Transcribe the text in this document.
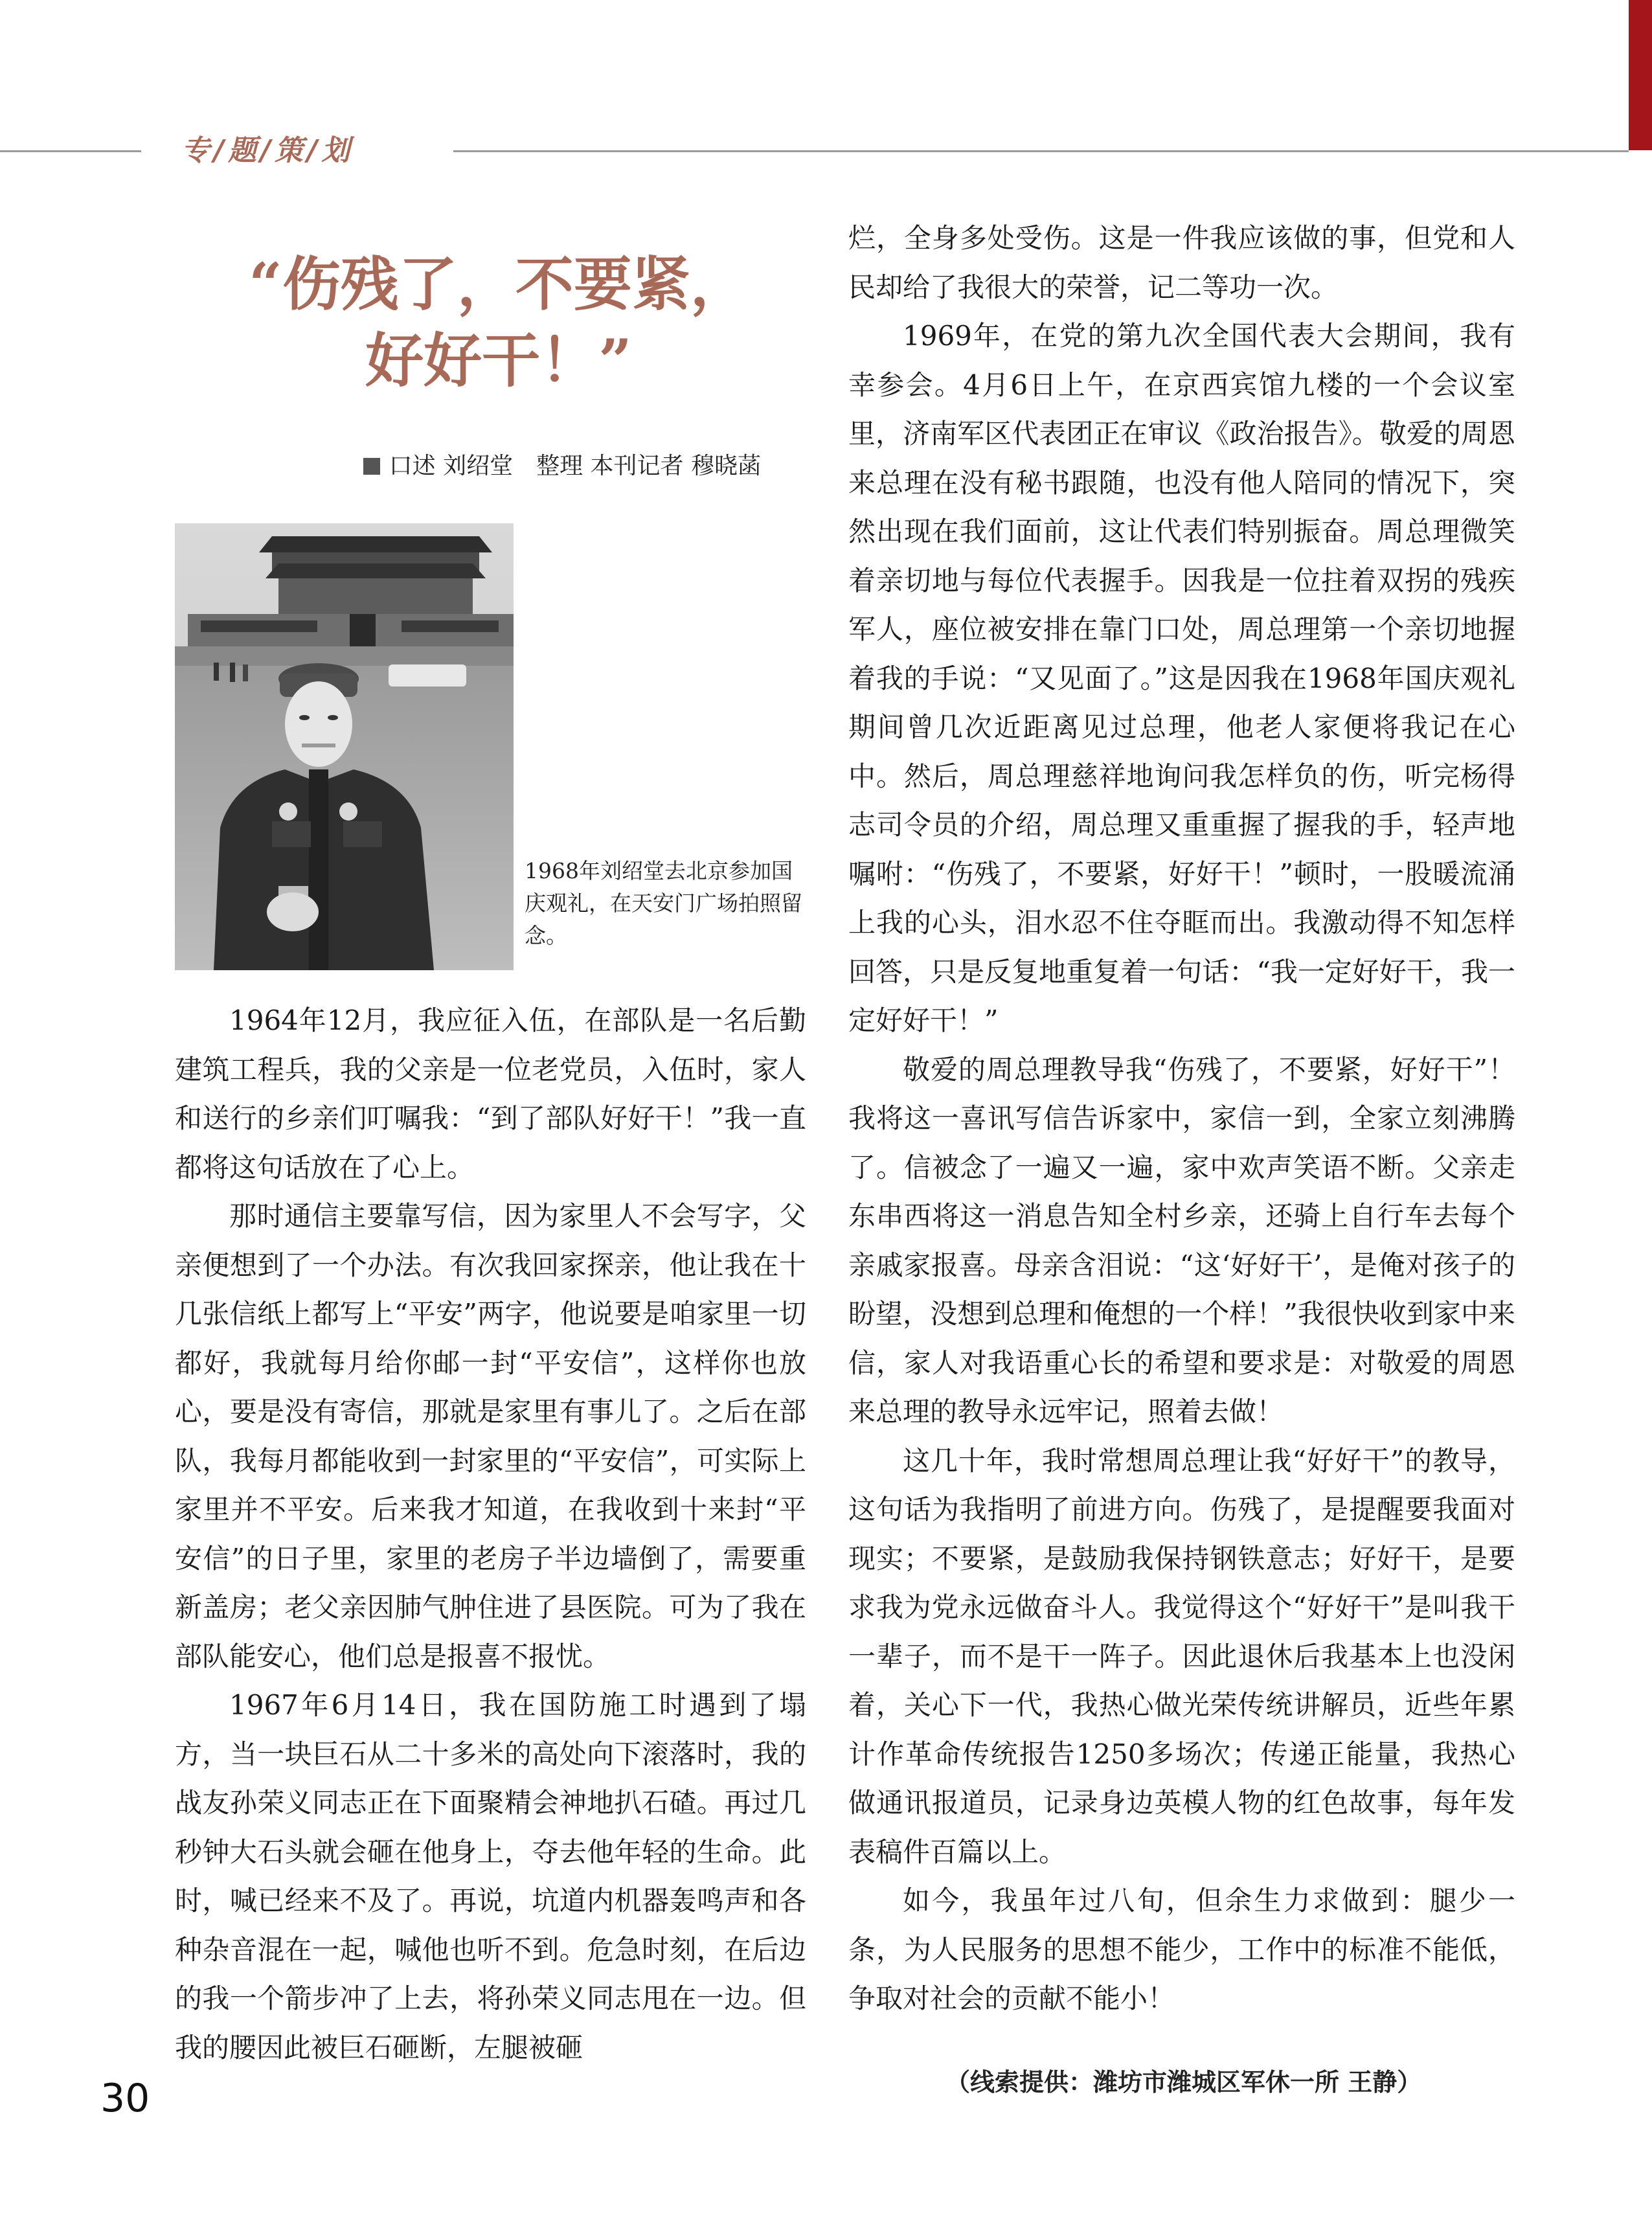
专/题/策/划
“伤残了，不要紧，
好好干！”
口述 刘绍堂　整理 本刊记者 穆晓菡
1968年刘绍堂去北京参加国庆观礼，在天安门广场拍照留念。

1964年12月，我应征入伍，在部队是一名后勤建筑工程兵，我的父亲是一位老党员，入伍时，家人和送行的乡亲们叮嘱我：“到了部队好好干！”我一直都将这句话放在了心上。

那时通信主要靠写信，因为家里人不会写字，父亲便想到了一个办法。有次我回家探亲，他让我在十几张信纸上都写上“平安”两字，他说要是咱家里一切都好，我就每月给你邮一封“平安信”，这样你也放心，要是没有寄信，那就是家里有事儿了。之后在部队，我每月都能收到一封家里的“平安信”，可实际上家里并不平安。后来我才知道，在我收到十来封“平安信”的日子里，家里的老房子半边墙倒了，需要重新盖房；老父亲因肺气肿住进了县医院。可为了我在部队能安心，他们总是报喜不报忧。

1967年6月14日，我在国防施工时遇到了塌方，当一块巨石从二十多米的高处向下滚落时，我的战友孙荣义同志正在下面聚精会神地扒石碴。再过几秒钟大石头就会砸在他身上，夺去他年轻的生命。此时，喊已经来不及了。再说，坑道内机器轰鸣声和各种杂音混在一起，喊他也听不到。危急时刻，在后边的我一个箭步冲了上去，将孙荣义同志甩在一边。但我的腰因此被巨石砸断，左腿被砸

烂，全身多处受伤。这是一件我应该做的事，但党和人民却给了我很大的荣誉，记二等功一次。

1969年，在党的第九次全国代表大会期间，我有幸参会。4月6日上午，在京西宾馆九楼的一个会议室里，济南军区代表团正在审议《政治报告》。敬爱的周恩来总理在没有秘书跟随，也没有他人陪同的情况下，突然出现在我们面前，这让代表们特别振奋。周总理微笑着亲切地与每位代表握手。因我是一位拄着双拐的残疾军人，座位被安排在靠门口处，周总理第一个亲切地握着我的手说：“又见面了。”这是因我在1968年国庆观礼期间曾几次近距离见过总理，他老人家便将我记在心中。然后，周总理慈祥地询问我怎样负的伤，听完杨得志司令员的介绍，周总理又重重握了握我的手，轻声地嘱咐：“伤残了，不要紧，好好干！”顿时，一股暖流涌上我的心头，泪水忍不住夺眶而出。我激动得不知怎样回答，只是反复地重复着一句话：“我一定好好干，我一定好好干！”

敬爱的周总理教导我“伤残了，不要紧，好好干”！我将这一喜讯写信告诉家中，家信一到，全家立刻沸腾了。信被念了一遍又一遍，家中欢声笑语不断。父亲走东串西将这一消息告知全村乡亲，还骑上自行车去每个亲戚家报喜。母亲含泪说：“这‘好好干’，是俺对孩子的盼望，没想到总理和俺想的一个样！”我很快收到家中来信，家人对我语重心长的希望和要求是：对敬爱的周恩来总理的教导永远牢记，照着去做！

这几十年，我时常想周总理让我“好好干”的教导，这句话为我指明了前进方向。伤残了，是提醒要我面对现实；不要紧，是鼓励我保持钢铁意志；好好干，是要求我为党永远做奋斗人。我觉得这个“好好干”是叫我干一辈子，而不是干一阵子。因此退休后我基本上也没闲着，关心下一代，我热心做光荣传统讲解员，近些年累计作革命传统报告1250多场次；传递正能量，我热心做通讯报道员，记录身边英模人物的红色故事，每年发表稿件百篇以上。

如今，我虽年过八旬，但余生力求做到：腿少一条，为人民服务的思想不能少，工作中的标准不能低，争取对社会的贡献不能小！

（线索提供：潍坊市潍城区军休一所 王静）
30
